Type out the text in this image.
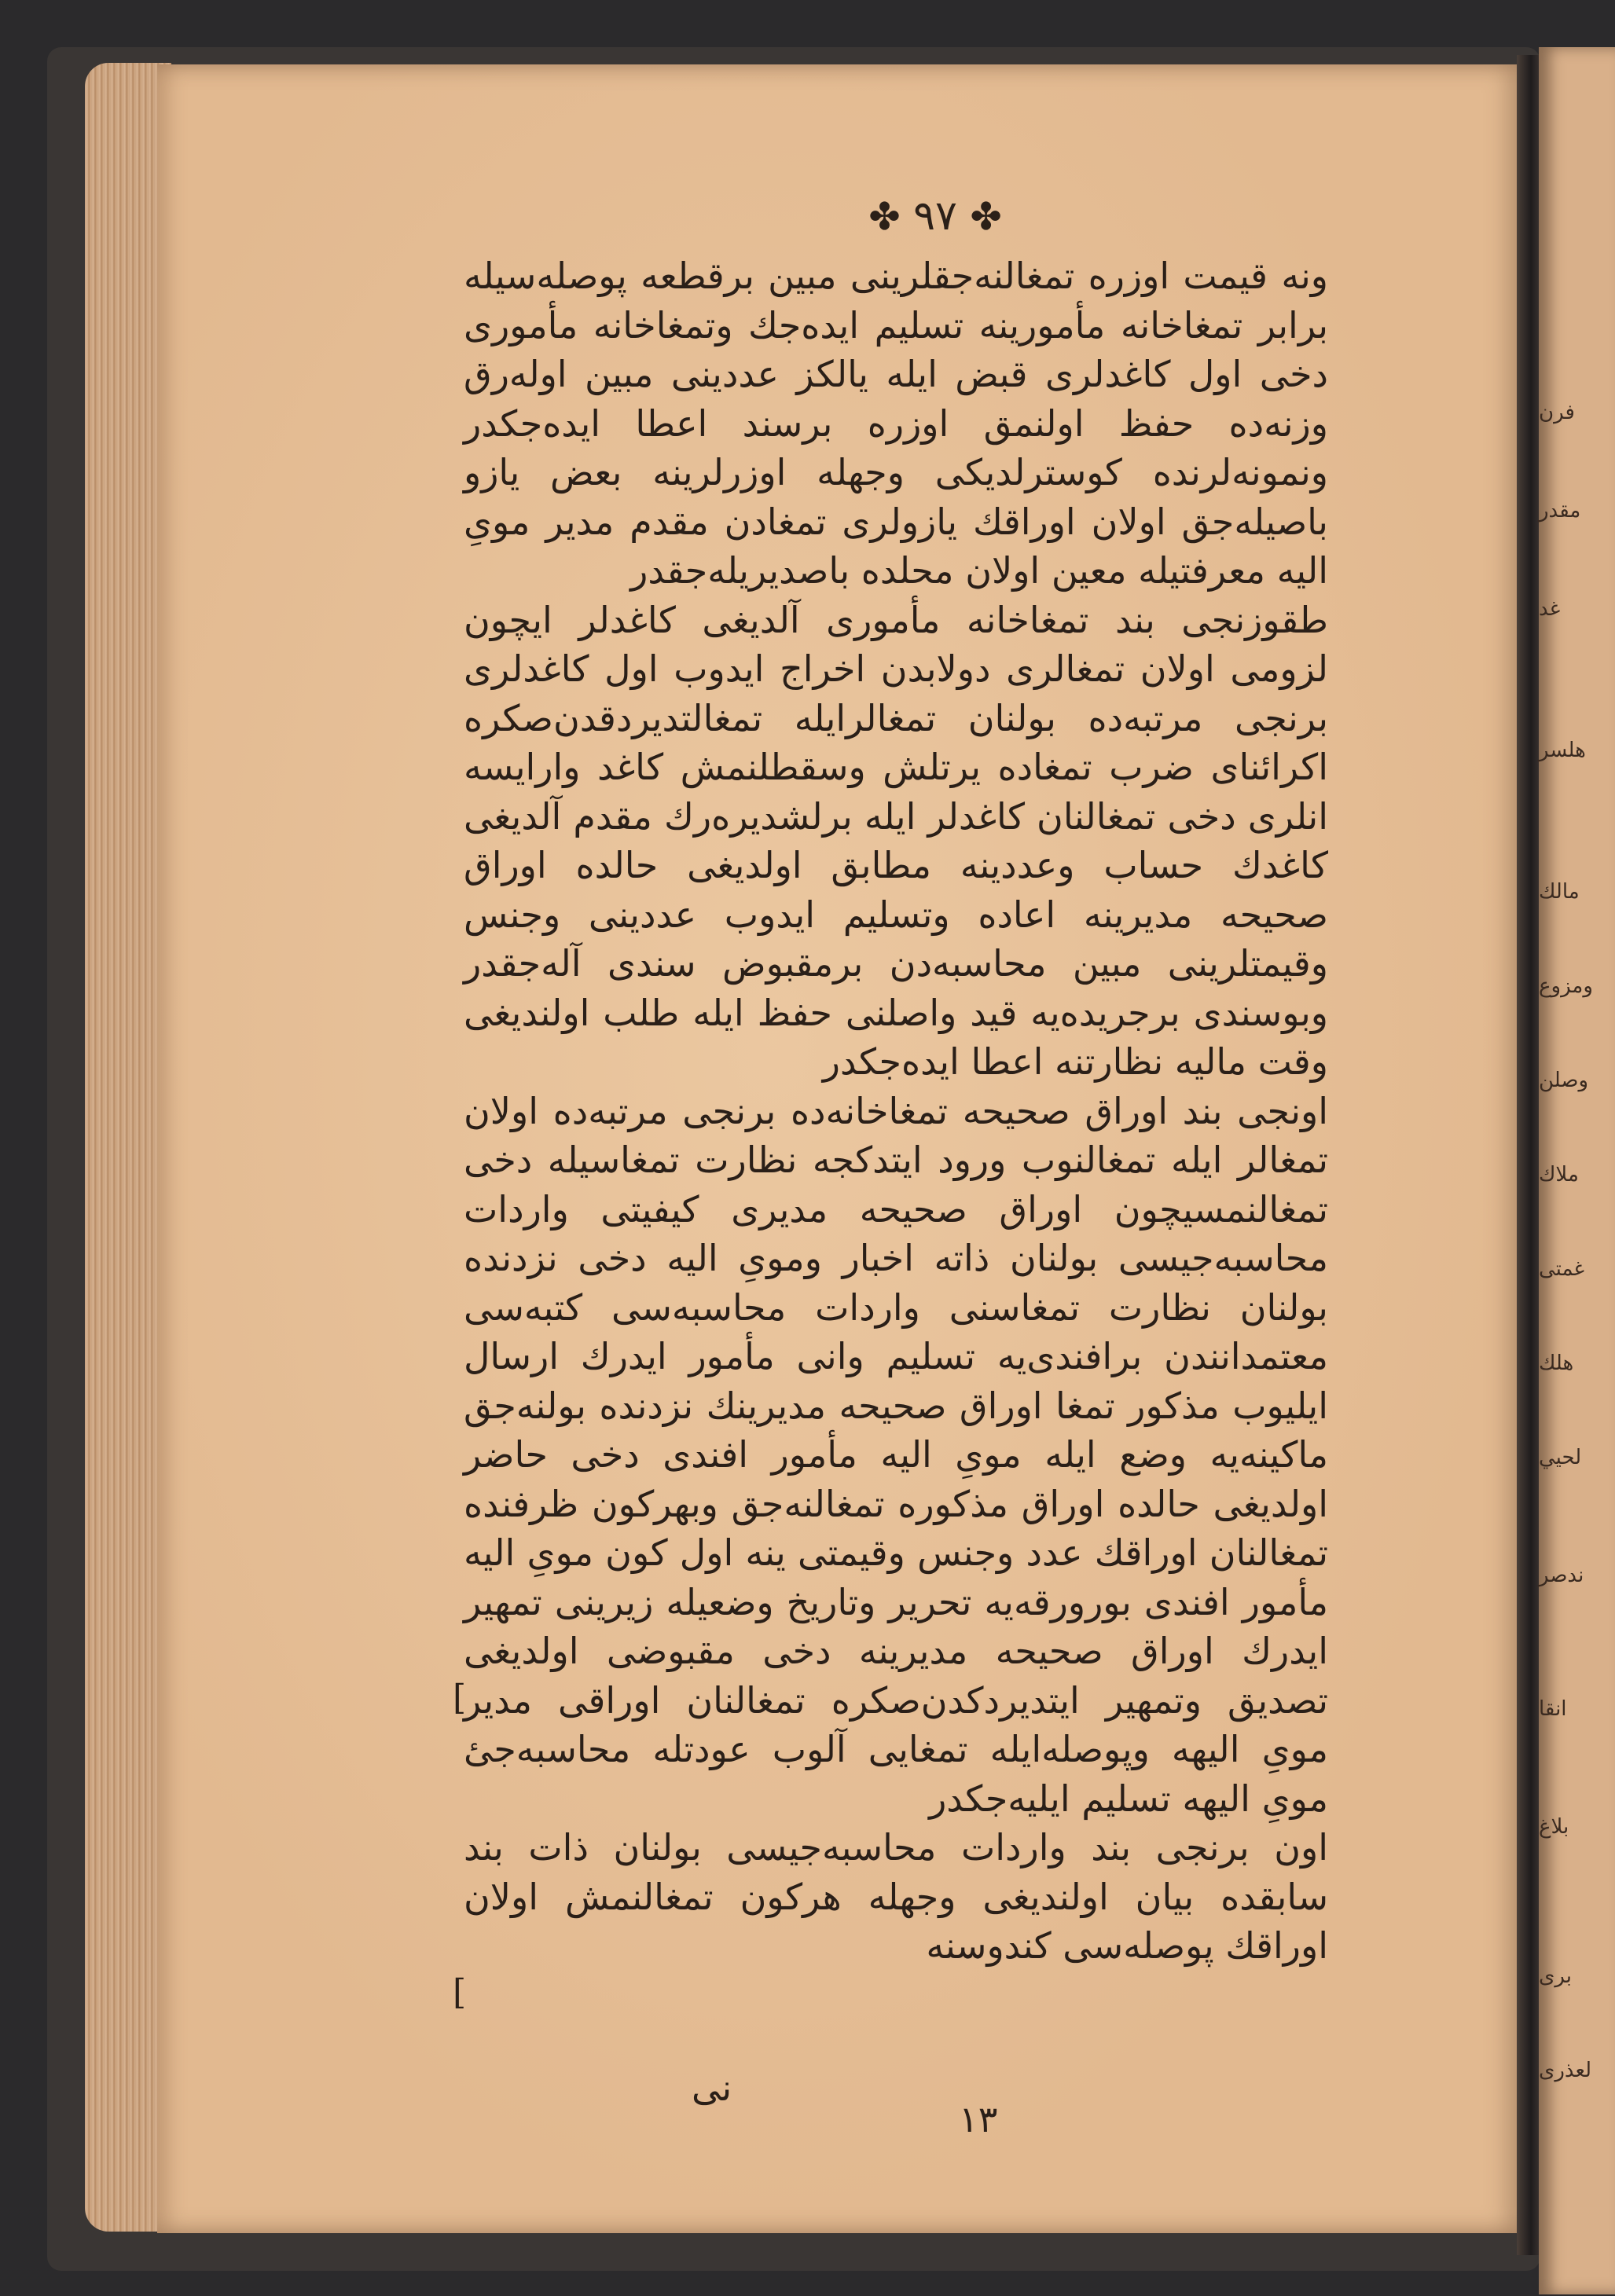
✤ ۹۷ ✤

ونه قيمت اوزره تمغالنه‌جقلرينی مبين برقطعه پوصله‌سيله برابر تمغاخانه مأمورينه تسليم ايده‌جك وتمغاخانه مأموری دخی اول كاغدلری قبض ايله يالكز عددينی مبين اوله‌رق وزنه‌ده حفظ اولنمق اوزره برسند اعطا ايده‌جكدر ونمونه‌لرنده كوسترلديكی وجهله اوزرلرينه بعض يازو باصيله‌جق اولان اوراقك يازولری تمغادن مقدم مدير موىِ اليه معرفتيله معين اولان محلده باصديريله‌جقدر

طقوزنجی بند تمغاخانه مأموری آلديغی كاغدلر ايچون لزومی اولان تمغالری دولابدن اخراج ايدوب اول كاغدلری برنجی مرتبه‌ده بولنان تمغالرايله تمغالتديردقدن‌صكره اكرائنای ضرب تمغاده يرتلش وسقطلنمش كاغد وارايسه انلری دخی تمغالنان كاغدلر ايله برلشديره‌رك مقدم آلديغی كاغدك حساب وعددينه مطابق اولديغی حالده اوراق صحيحه مديرينه اعاده وتسليم ايدوب عددينی وجنس وقيمتلرينی مبين محاسبه‌دن برمقبوض سندی آله‌جقدر وبوسندی برجريده‌يه قيد واصلنی حفظ ايله طلب اولنديغی وقت ماليه نظارتنه اعطا ايده‌جكدر

اونجی بند اوراق صحيحه تمغاخانه‌ده برنجی مرتبه‌ده اولان تمغالر ايله تمغالنوب ورود ايتدكجه نظارت تمغاسيله دخی تمغالنمسيچون اوراق صحيحه مديری كيفيتی واردات محاسبه‌جيسی بولنان ذاته اخبار وموىِ اليه دخی نزدنده بولنان نظارت تمغاسنی واردات محاسبه‌سی كتبه‌سی معتمدانندن برافندی‌يه تسليم وانی مأمور ايدرك ارسال ايليوب مذكور تمغا اوراق صحيحه مديرينك نزدنده بولنه‌جق ماكينه‌يه وضع ايله موىِ اليه مأمور افندی دخی حاضر اولديغی حالده اوراق مذكوره تمغالنه‌جق وبهركون ظرفنده تمغالنان اوراقك عدد وجنس وقيمتی ينه اول كون موىِ اليه مأمور افندی بورورقه‌يه تحرير وتاريخ وضعيله زيرينی تمهير ايدرك اوراق صحيحه مديرينه دخی مقبوضی اولديغی تصديق وتمهير ايتديردكدن‌صكره تمغالنان اوراقی مدير موىِ اليهه وپوصله‌ايله تمغايی آلوب عودتله محاسبه‌جیٔ موىِ اليهه تسليم ايليه‌جكدر

اون برنجی بند واردات محاسبه‌جيسی بولنان ذات بند سابقده بيان اولنديغی وجهله هركون تمغالنمش اولان اوراقك پوصله‌سی كندوسنه

[
[
نی
۱۳
فرن
مقدر
غد
هلسر
مالك
ومزوع
وصلن
ملاك
غمتی
هلك
لحيي
ندصر
انقا
بلاغ
بری
لعذری
